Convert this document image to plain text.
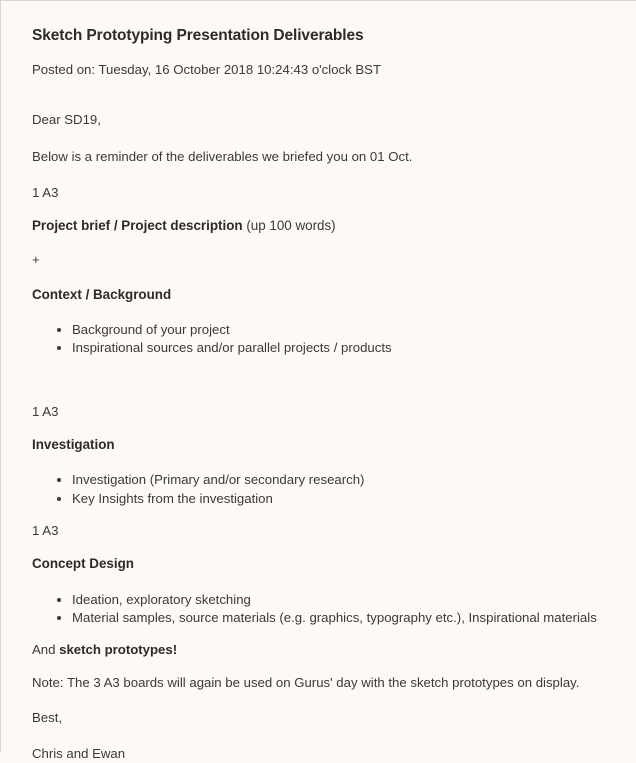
Sketch Prototyping Presentation Deliverables

Posted on: Tuesday, 16 October 2018 10:24:43 o'clock BST

Dear SD19,

Below is a reminder of the deliverables we briefed you on 01 Oct.

1 A3

Project brief / Project description (up 100 words)

+

Context / Background

• Background of your project
• Inspirational sources and/or parallel projects / products

1 A3

Investigation

• Investigation (Primary and/or secondary research)
• Key Insights from the investigation

1 A3

Concept Design

• Ideation, exploratory sketching
• Material samples, source materials (e.g. graphics, typography etc.), Inspirational materials

And sketch prototypes!

Note: The 3 A3 boards will again be used on Gurus' day with the sketch prototypes on display.

Best,

Chris and Ewan
